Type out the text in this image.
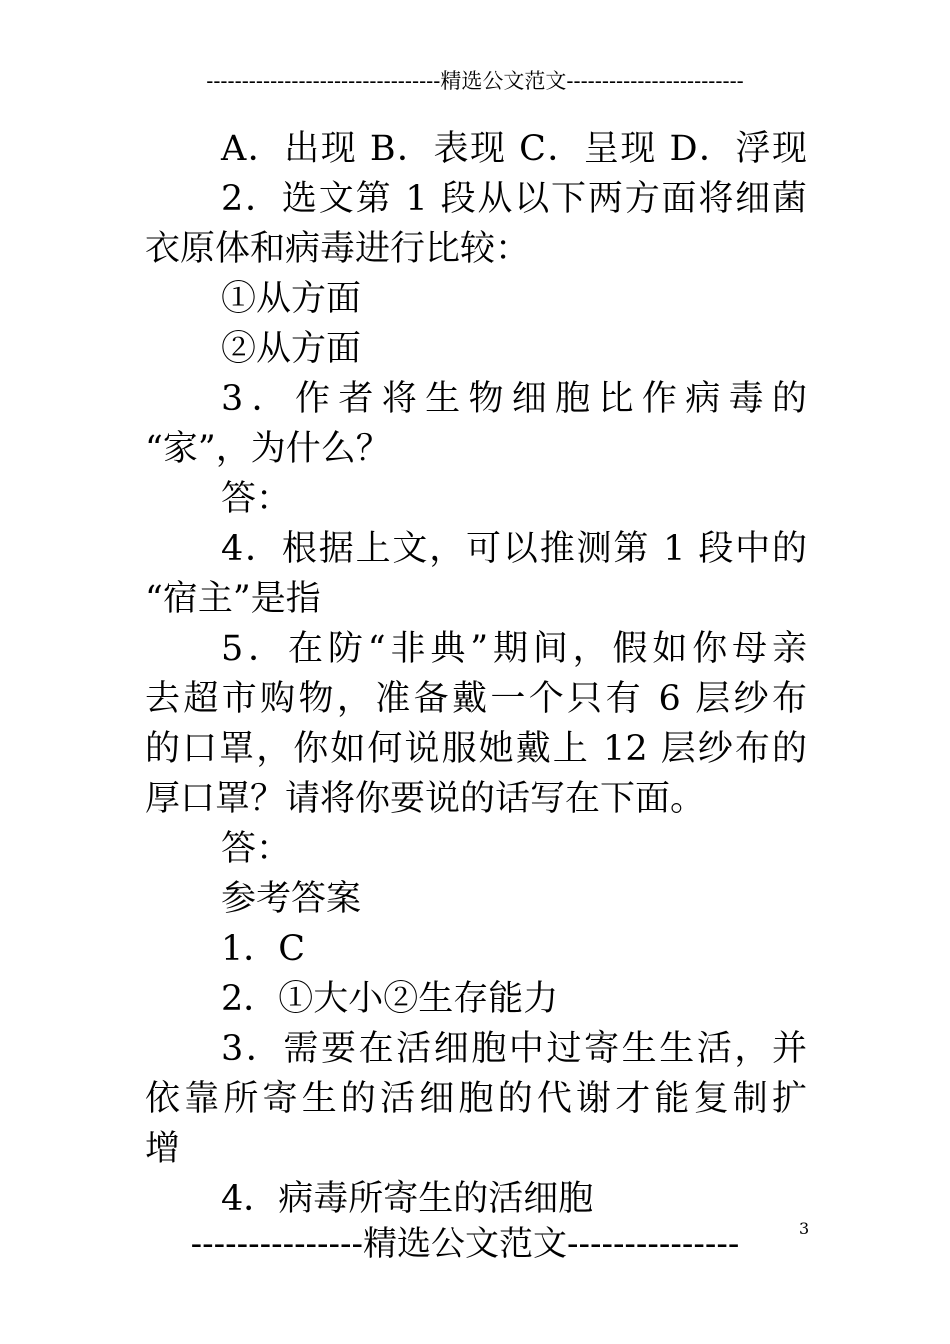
---------------------------------精选公文范文-------------------------
A．出现 B．表现 C．呈现 D．浮现
2．选文第 1 段从以下两方面将细菌
衣原体和病毒进行比较：
①从方面
②从方面
3．作者将生物细胞比作病毒的
“家”，为什么？
答：
4．根据上文，可以推测第 1 段中的
“宿主”是指
5．在防“非典”期间，假如你母亲
去超市购物，准备戴一个只有 6 层纱布
的口罩，你如何说服她戴上 12 层纱布的
厚口罩？请将你要说的话写在下面。
答：
参考答案
1．C
2．①大小②生存能力
3．需要在活细胞中过寄生生活，并
依靠所寄生的活细胞的代谢才能复制扩
增
4．病毒所寄生的活细胞
---------------精选公文范文---------------	3
